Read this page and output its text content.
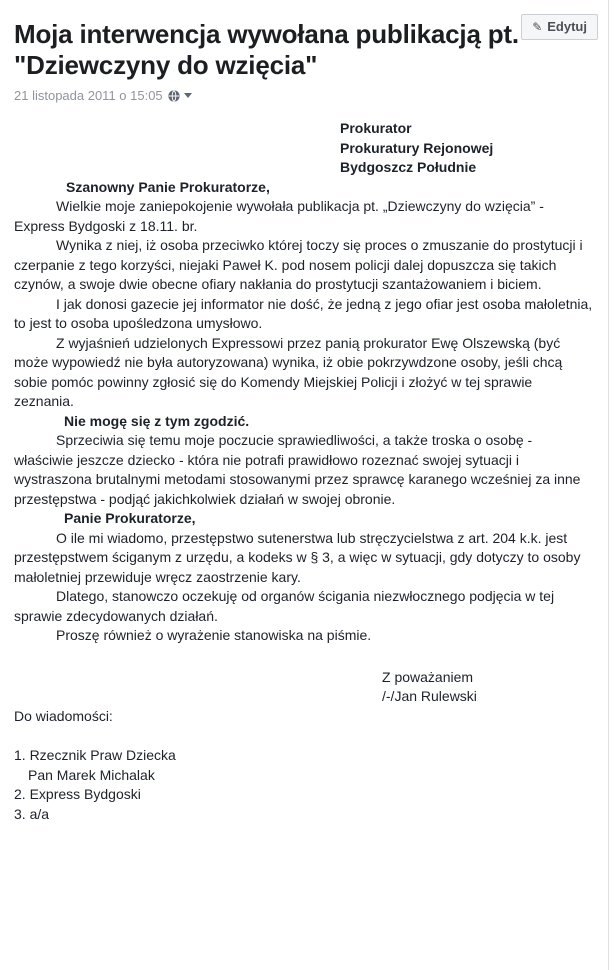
Moja interwencja wywołana publikacją pt. "Dziewczyny do wzięcia"
✎ Edytuj
21 listopada 2011 o 15:05
Prokurator
Prokuratury Rejonowej
Bydgoszcz Południe

Szanowny Panie Prokuratorze,

Wielkie moje zaniepokojenie wywołała publikacja pt. „Dziewczyny do wzięcia” - Express Bydgoski z 18.11. br.

Wynika z niej, iż osoba przeciwko której toczy się proces o zmuszanie do prostytucji i czerpanie z tego korzyści, niejaki Paweł K. pod nosem policji dalej dopuszcza się takich czynów, a swoje dwie obecne ofiary nakłania do prostytucji szantażowaniem i biciem.

I jak donosi gazecie jej informator nie dość, że jedną z jego ofiar jest osoba małoletnia, to jest to osoba upośledzona umysłowo.

Z wyjaśnień udzielonych Expressowi przez panią prokurator Ewę Olszewską (być może wypowiedź nie była autoryzowana) wynika, iż obie pokrzywdzone osoby, jeśli chcą sobie pomóc powinny zgłosić się do Komendy Miejskiej Policji i złożyć w tej sprawie zeznania.

Nie mogę się z tym zgodzić.

Sprzeciwia się temu moje poczucie sprawiedliwości, a także troska o osobę - właściwie jeszcze dziecko - która nie potrafi prawidłowo rozeznać swojej sytuacji i wystraszona brutalnymi metodami stosowanymi przez sprawcę karanego wcześniej za inne przestępstwa - podjąć jakichkolwiek działań w swojej obronie.

Panie Prokuratorze,

O ile mi wiadomo, przestępstwo sutenerstwa lub stręczycielstwa z art. 204 k.k. jest przestępstwem ściganym z urzędu, a kodeks w § 3, a więc w sytuacji, gdy dotyczy to osoby małoletniej przewiduje wręcz zaostrzenie kary.

Dlatego, stanowczo oczekuję od organów ścigania niezwłocznego podjęcia w tej sprawie zdecydowanych działań.

Proszę również o wyrażenie stanowiska na piśmie.

Z poważaniem
/-/Jan Rulewski

Do wiadomości:

1. Rzecznik Praw Dziecka
Pan Marek Michalak
2. Express Bydgoski
3. a/a
